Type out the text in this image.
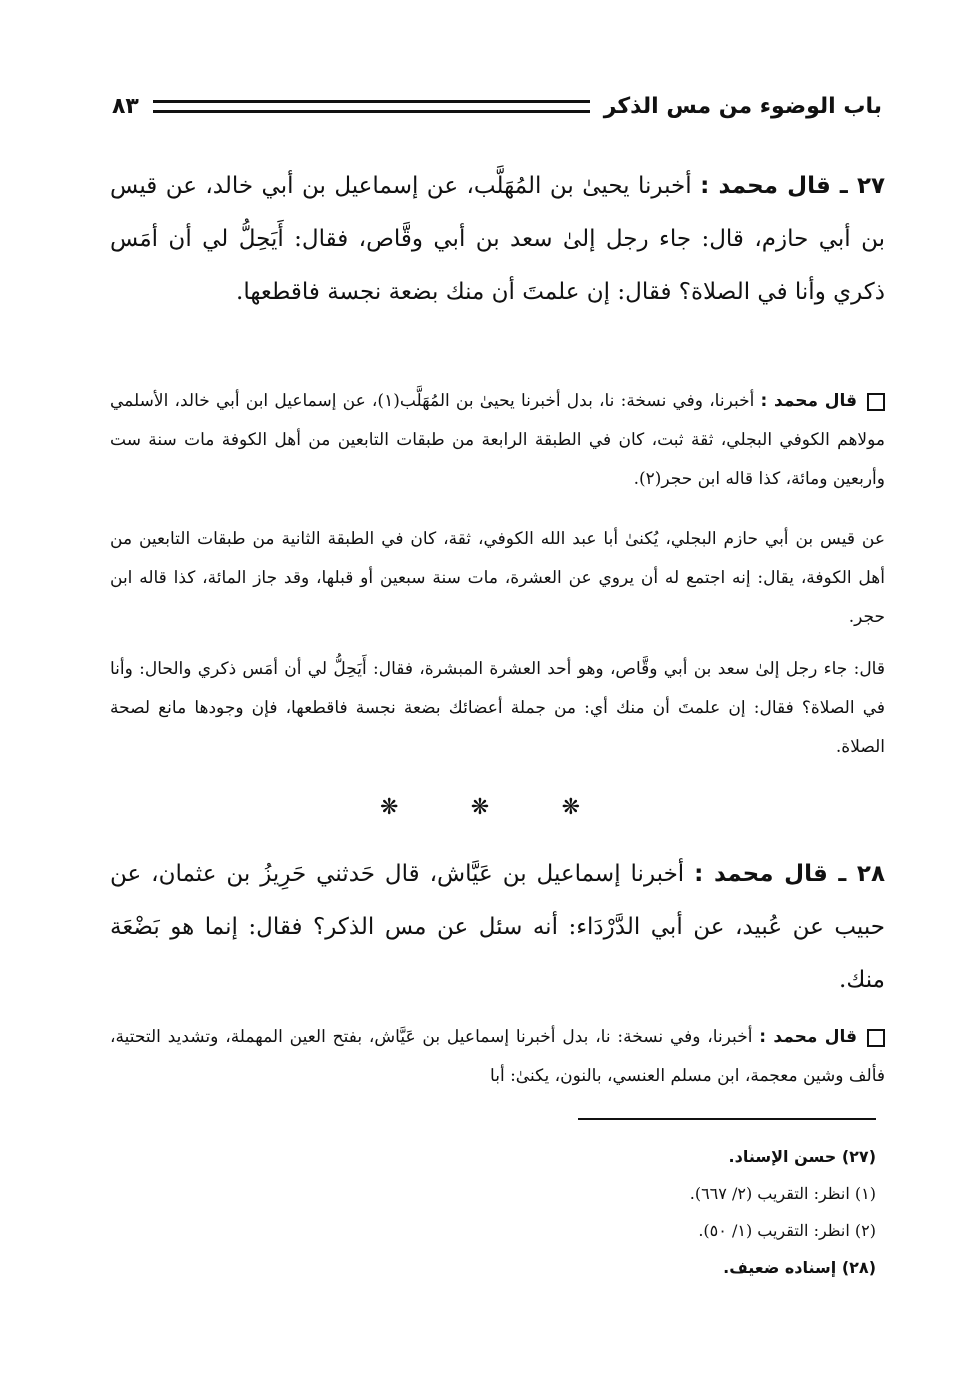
باب الوضوء من مس الذكر
٨٣
٢٧ ـ قال محمد : أخبرنا يحيىٰ بن المُهَلَّب، عن إسماعيل بن أبي خالد، عن قيس بن أبي حازم، قال: جاء رجل إلىٰ سعد بن أبي وقَّاص، فقال: أَيَحِلُّ لي أن أمَس ذكري وأنا في الصلاة؟ فقال: إن علمتَ أن منك بضعة نجسة فاقطعها.
قال محمد : أخبرنا، وفي نسخة: نا، بدل أخبرنا يحيىٰ بن المُهَلَّب(١)، عن إسماعيل ابن أبي خالد، الأسلمي مولاهم الكوفي البجلي، ثقة ثبت، كان في الطبقة الرابعة من طبقات التابعين من أهل الكوفة مات سنة ست وأربعين ومائة، كذا قاله ابن حجر(٢).
عن قيس بن أبي حازم البجلي، يُكنىٰ أبا عبد الله الكوفي، ثقة، كان في الطبقة الثانية من طبقات التابعين من أهل الكوفة، يقال: إنه اجتمع له أن يروي عن العشرة، مات سنة سبعين أو قبلها، وقد جاز المائة، كذا قاله ابن حجر.
قال: جاء رجل إلىٰ سعد بن أبي وقَّاص، وهو أحد العشرة المبشرة، فقال: أَيَحِلُّ لي أن أمَس ذكري والحال: وأنا في الصلاة؟ فقال: إن علمتَ أن منك أي: من جملة أعضائك بضعة نجسة فاقطعها، فإن وجودها مانع لصحة الصلاة.
❋
❋
❋
٢٨ ـ قال محمد : أخبرنا إسماعيل بن عَيَّاش، قال حَدثني حَرِيزُ بن عثمان، عن حبيب عن عُبيد، عن أبي الدَّرْدَاء: أنه سئل عن مس الذكر؟ فقال: إنما هو بَضْعَة منك.
قال محمد : أخبرنا، وفي نسخة: نا، بدل أخبرنا إسماعيل بن عَيَّاش، بفتح العين المهملة، وتشديد التحتية، فألف وشين معجمة، ابن مسلم العنسي، بالنون، يكنىٰ: أبا

(٢٧) حسن الإسناد.

(١) انظر: التقريب (٢/ ٦٦٧).

(٢) انظر: التقريب (١/ ٥٠).

(٢٨) إسناده ضعيف.
